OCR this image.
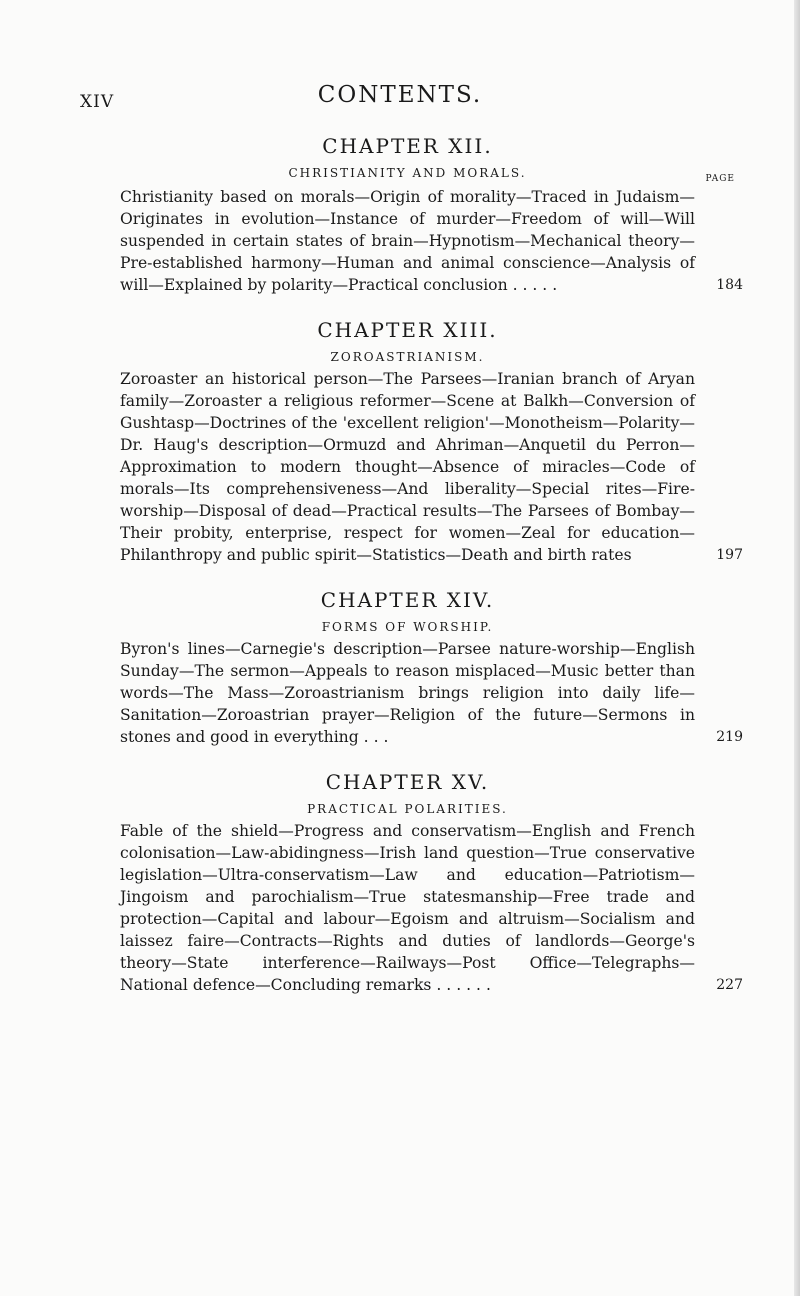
XIV	CONTENTS.
CHAPTER XII.
CHRISTIANITY AND MORALS.	PAGE
Christianity based on morals—Origin of morality—Traced in Judaism—Originates in evolution—Instance of murder—Freedom of will—Will suspended in certain states of brain—Hypnotism—Mechanical theory—Pre-established harmony—Human and animal conscience—Analysis of will—Explained by polarity—Practical conclusion . . . . .	184
CHAPTER XIII.
ZOROASTRIANISM.
Zoroaster an historical person—The Parsees—Iranian branch of Aryan family—Zoroaster a religious reformer—Scene at Balkh—Conversion of Gushtasp—Doctrines of the 'excellent religion'—Monotheism—Polarity—Dr. Haug's description—Ormuzd and Ahriman—Anquetil du Perron—Approximation to modern thought—Absence of miracles—Code of morals—Its comprehensiveness—And liberality—Special rites—Fire-worship—Disposal of dead—Practical results—The Parsees of Bombay—Their probity, enterprise, respect for women—Zeal for education—Philanthropy and public spirit—Statistics—Death and birth rates	197
CHAPTER XIV.
FORMS OF WORSHIP.
Byron's lines—Carnegie's description—Parsee nature-worship—English Sunday—The sermon—Appeals to reason misplaced—Music better than words—The Mass—Zoroastrianism brings religion into daily life—Sanitation—Zoroastrian prayer—Religion of the future—Sermons in stones and good in everything . . .	219
CHAPTER XV.
PRACTICAL POLARITIES.
Fable of the shield—Progress and conservatism—English and French colonisation—Law-abidingness—Irish land question—True conservative legislation—Ultra-conservatism—Law and education—Patriotism—Jingoism and parochialism—True statesmanship—Free trade and protection—Capital and labour—Egoism and altruism—Socialism and laissez faire—Contracts—Rights and duties of landlords—George's theory—State interference—Railways—Post Office—Telegraphs—National defence—Concluding remarks . . . . . .	227
